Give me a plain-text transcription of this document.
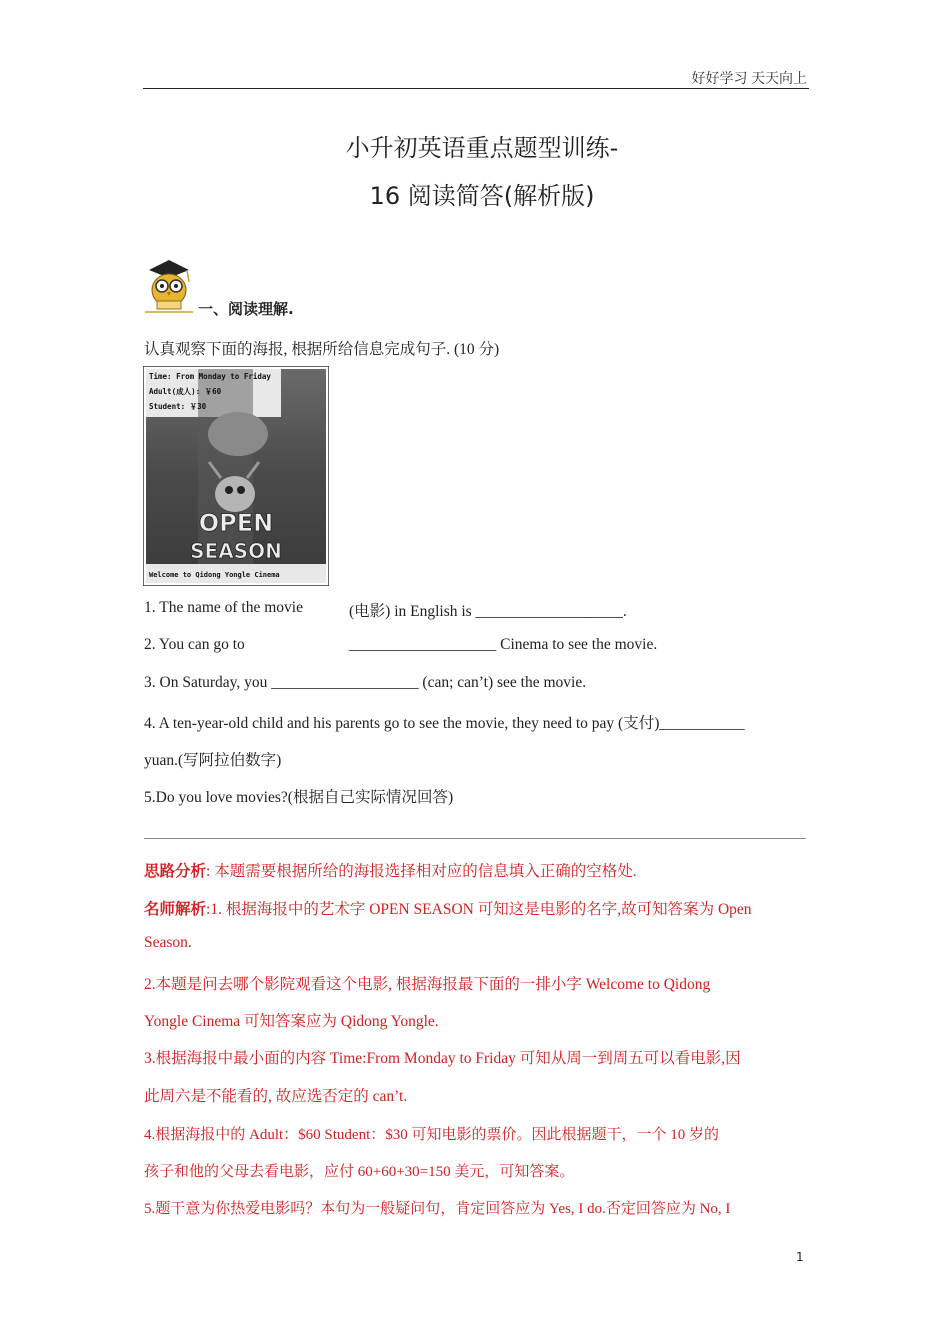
好好学习 天天向上
小升初英语重点题型训练-
16 阅读简答(解析版)
一、阅读理解.
认真观察下面的海报, 根据所给信息完成句子. (10 分)
Time: From Monday to Friday
Adult(成人): ￥60
Student: ￥30
OPEN
SEASON
Welcome to Qidong Yongle Cinema
1. The name of the movie	(电影) in English is ___________________.
2. You can go to	___________________ Cinema to see the movie.
3. On Saturday, you ___________________ (can; can’t) see the movie.
4. A ten-year-old child and his parents go to see the movie, they need to pay (支付)___________
yuan.(写阿拉伯数字)
5.Do you love movies?(根据自己实际情况回答)
思路分析: 本题需要根据所给的海报选择相对应的信息填入正确的空格处.
名师解析:1. 根据海报中的艺术字 OPEN SEASON 可知这是电影的名字,故可知答案为 Open
Season.
2.本题是问去哪个影院观看这个电影, 根据海报最下面的一排小字 Welcome to Qidong
Yongle Cinema 可知答案应为 Qidong Yongle.
3.根据海报中最小面的内容 Time:From Monday to Friday 可知从周一到周五可以看电影,因
此周六是不能看的, 故应选否定的 can’t.
4.根据海报中的 Adult：$60 Student：$30 可知电影的票价。因此根据题干，一个 10 岁的
孩子和他的父母去看电影，应付 60+60+30=150 美元，可知答案。
5.题干意为你热爱电影吗？本句为一般疑问句，肯定回答应为 Yes, I do.否定回答应为 No, I
1
